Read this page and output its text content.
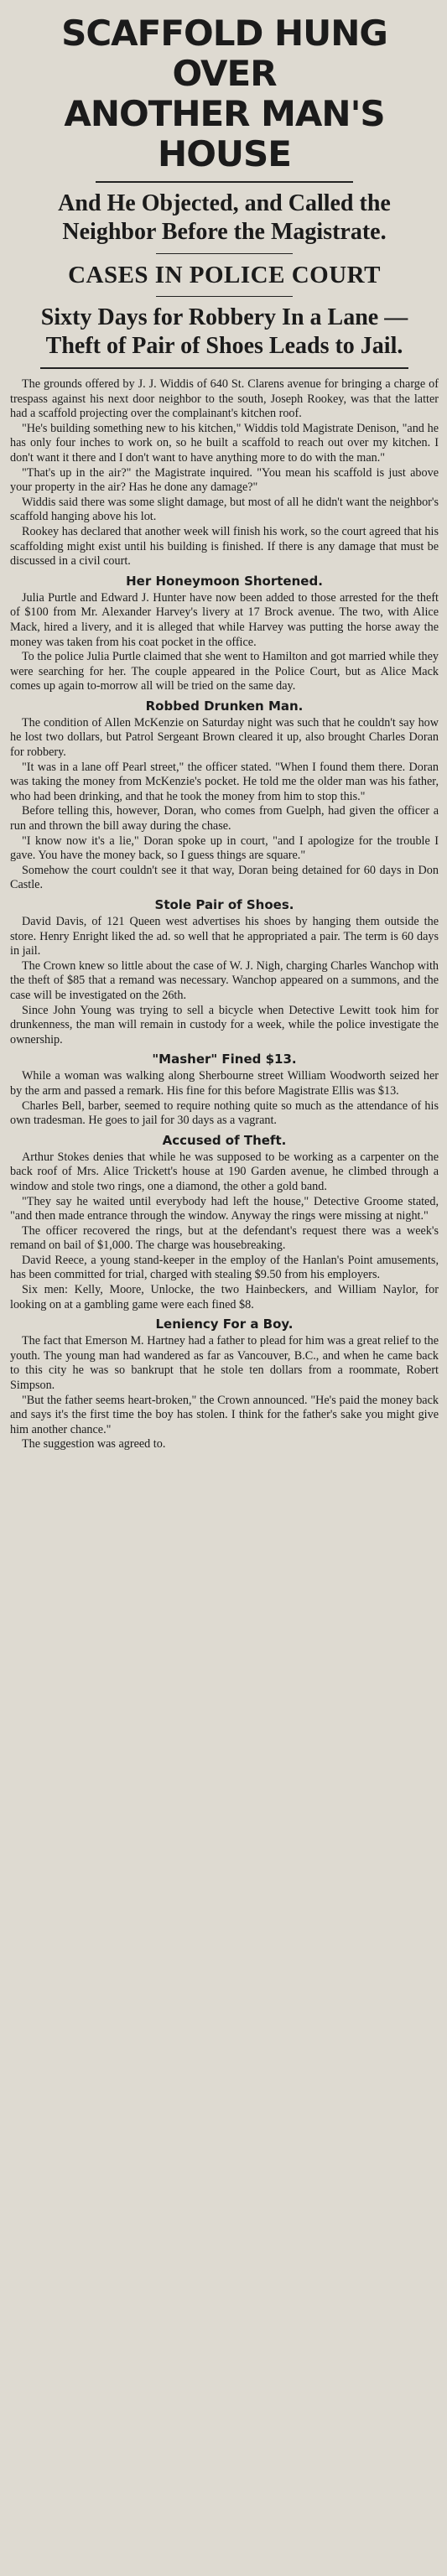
SCAFFOLD HUNG OVER
ANOTHER MAN'S HOUSE
And He Objected, and Called the Neighbor Before the Magistrate.
CASES IN POLICE COURT
Sixty Days for Robbery In a Lane —Theft of Pair of Shoes Leads to Jail.

The grounds offered by J. J. Widdis of 640 St. Clarens avenue for bringing a charge of trespass against his next door neighbor to the south, Joseph Rookey, was that the latter had a scaffold projecting over the complainant's kitchen roof.

"He's building something new to his kitchen," Widdis told Magistrate Denison, "and he has only four inches to work on, so he built a scaffold to reach out over my kitchen. I don't want it there and I don't want to have anything more to do with the man."

"That's up in the air?" the Magistrate inquired. "You mean his scaffold is just above your property in the air? Has he done any damage?"

Widdis said there was some slight damage, but most of all he didn't want the neighbor's scaffold hanging above his lot.

Rookey has declared that another week will finish his work, so the court agreed that his scaffolding might exist until his building is finished. If there is any damage that must be discussed in a civil court.

Her Honeymoon Shortened.

Julia Purtle and Edward J. Hunter have now been added to those arrested for the theft of $100 from Mr. Alexander Harvey's livery at 17 Brock avenue. The two, with Alice Mack, hired a livery, and it is alleged that while Harvey was putting the horse away the money was taken from his coat pocket in the office.

To the police Julia Purtle claimed that she went to Hamilton and got married while they were searching for her. The couple appeared in the Police Court, but as Alice Mack comes up again to-morrow all will be tried on the same day.

Robbed Drunken Man.

The condition of Allen McKenzie on Saturday night was such that he couldn't say how he lost two dollars, but Patrol Sergeant Brown cleared it up, also brought Charles Doran for robbery.

"It was in a lane off Pearl street," the officer stated. "When I found them there. Doran was taking the money from McKenzie's pocket. He told me the older man was his father, who had been drinking, and that he took the money from him to stop this."

Before telling this, however, Doran, who comes from Guelph, had given the officer a run and thrown the bill away during the chase.

"I know now it's a lie," Doran spoke up in court, "and I apologize for the trouble I gave. You have the money back, so I guess things are square."

Somehow the court couldn't see it that way, Doran being detained for 60 days in Don Castle.

Stole Pair of Shoes.

David Davis, of 121 Queen west advertises his shoes by hanging them outside the store. Henry Enright liked the ad. so well that he appropriated a pair. The term is 60 days in jail.

The Crown knew so little about the case of W. J. Nigh, charging Charles Wanchop with the theft of $85 that a remand was necessary. Wanchop appeared on a summons, and the case will be investigated on the 26th.

Since John Young was trying to sell a bicycle when Detective Lewitt took him for drunkenness, the man will remain in custody for a week, while the police investigate the ownership.

"Masher" Fined $13.

While a woman was walking along Sherbourne street William Woodworth seized her by the arm and passed a remark. His fine for this before Magistrate Ellis was $13.

Charles Bell, barber, seemed to require nothing quite so much as the attendance of his own tradesman. He goes to jail for 30 days as a vagrant.

Accused of Theft.

Arthur Stokes denies that while he was supposed to be working as a carpenter on the back roof of Mrs. Alice Trickett's house at 190 Garden avenue, he climbed through a window and stole two rings, one a diamond, the other a gold band.

"They say he waited until everybody had left the house," Detective Groome stated, "and then made entrance through the window. Anyway the rings were missing at night."

The officer recovered the rings, but at the defendant's request there was a week's remand on bail of $1,000. The charge was housebreaking.

David Reece, a young stand-keeper in the employ of the Hanlan's Point amusements, has been committed for trial, charged with stealing $9.50 from his employers.

Six men: Kelly, Moore, Unlocke, the two Hainbeckers, and William Naylor, for looking on at a gambling game were each fined $8.

Leniency For a Boy.

The fact that Emerson M. Hartney had a father to plead for him was a great relief to the youth. The young man had wandered as far as Vancouver, B.C., and when he came back to this city he was so bankrupt that he stole ten dollars from a roommate, Robert Simpson.

"But the father seems heart-broken," the Crown announced. "He's paid the money back and says it's the first time the boy has stolen. I think for the father's sake you might give him another chance."

The suggestion was agreed to.
